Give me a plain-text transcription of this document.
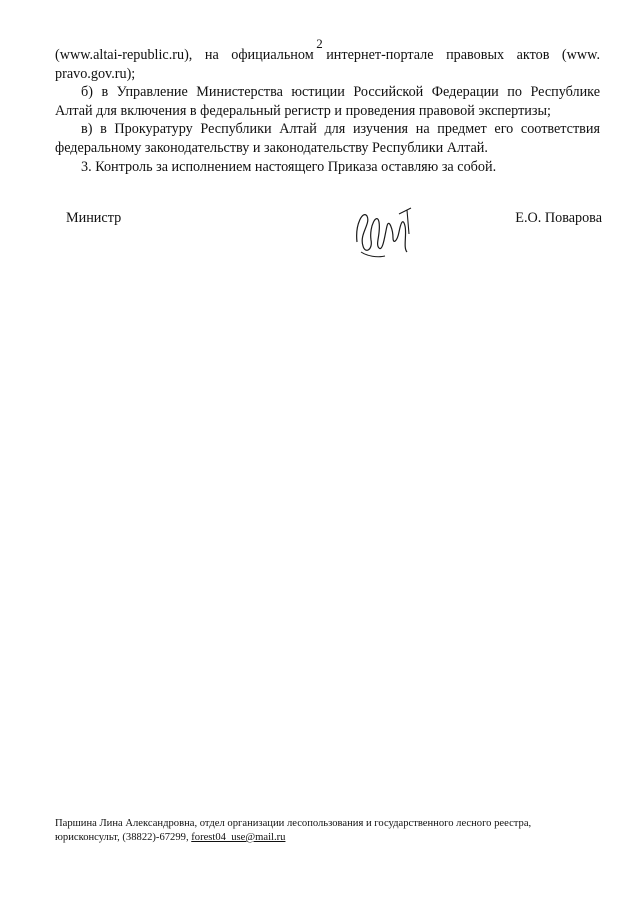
2

(www.altai-republic.ru), на официальном интернет-портале правовых актов (www. pravo.gov.ru);

б) в Управление Министерства юстиции Российской Федерации по Республике Алтай для включения в федеральный регистр и проведения правовой экспертизы;

в) в Прокуратуру Республики Алтай для изучения на предмет его соответствия федеральному законодательству и законодательству Республики Алтай.

3. Контроль за исполнением настоящего Приказа оставляю за собой.

Министр	Е.О. Поварова
Паршина Лина Александровна, отдел организации лесопользования и государственного лесного реестра,
юрисконсульт, (38822)-67299, forest04_use@mail.ru
